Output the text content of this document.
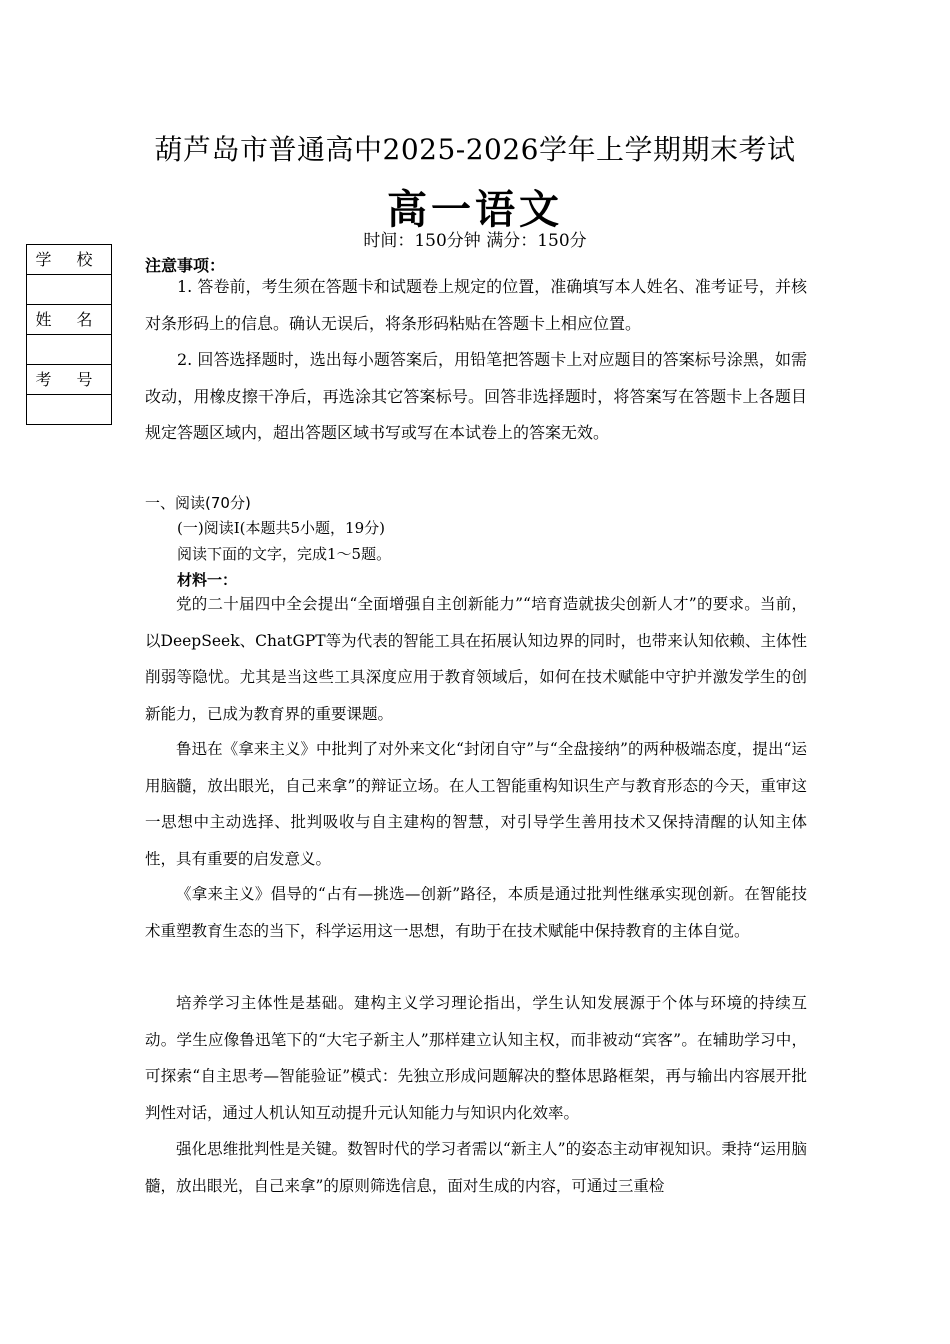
葫芦岛市普通高中2025-2026学年上学期期末考试
高一语文
时间：150分钟 满分：150分
学 校
姓 名
考 号
注意事项：
1. 答卷前，考生须在答题卡和试题卷上规定的位置，准确填写本人姓名、准考证号，并核对条形码上的信息。确认无误后，将条形码粘贴在答题卡上相应位置。
2. 回答选择题时，选出每小题答案后，用铅笔把答题卡上对应题目的答案标号涂黑，如需改动，用橡皮擦干净后，再选涂其它答案标号。回答非选择题时，将答案写在答题卡上各题目规定答题区域内，超出答题区域书写或写在本试卷上的答案无效。
一、阅读(70分)
(一)阅读Ⅰ(本题共5小题，19分)
阅读下面的文字，完成1～5题。
材料一：
党的二十届四中全会提出“全面增强自主创新能力”“培育造就拔尖创新人才”的要求。当前，以DeepSeek、ChatGPT等为代表的智能工具在拓展认知边界的同时，也带来认知依赖、主体性削弱等隐忧。尤其是当这些工具深度应用于教育领域后，如何在技术赋能中守护并激发学生的创新能力，已成为教育界的重要课题。
鲁迅在《拿来主义》中批判了对外来文化“封闭自守”与“全盘接纳”的两种极端态度，提出“运用脑髓，放出眼光，自己来拿”的辩证立场。在人工智能重构知识生产与教育形态的今天，重审这一思想中主动选择、批判吸收与自主建构的智慧，对引导学生善用技术又保持清醒的认知主体性，具有重要的启发意义。
《拿来主义》倡导的“占有—挑选—创新”路径，本质是通过批判性继承实现创新。在智能技术重塑教育生态的当下，科学运用这一思想，有助于在技术赋能中保持教育的主体自觉。
培养学习主体性是基础。建构主义学习理论指出，学生认知发展源于个体与环境的持续互动。学生应像鲁迅笔下的“大宅子新主人”那样建立认知主权，而非被动“宾客”。在辅助学习中，可探索“自主思考—智能验证”模式：先独立形成问题解决的整体思路框架，再与输出内容展开批判性对话，通过人机认知互动提升元认知能力与知识内化效率。
强化思维批判性是关键。数智时代的学习者需以“新主人”的姿态主动审视知识。秉持“运用脑髓，放出眼光，自己来拿”的原则筛选信息，面对生成的内容，可通过三重检
